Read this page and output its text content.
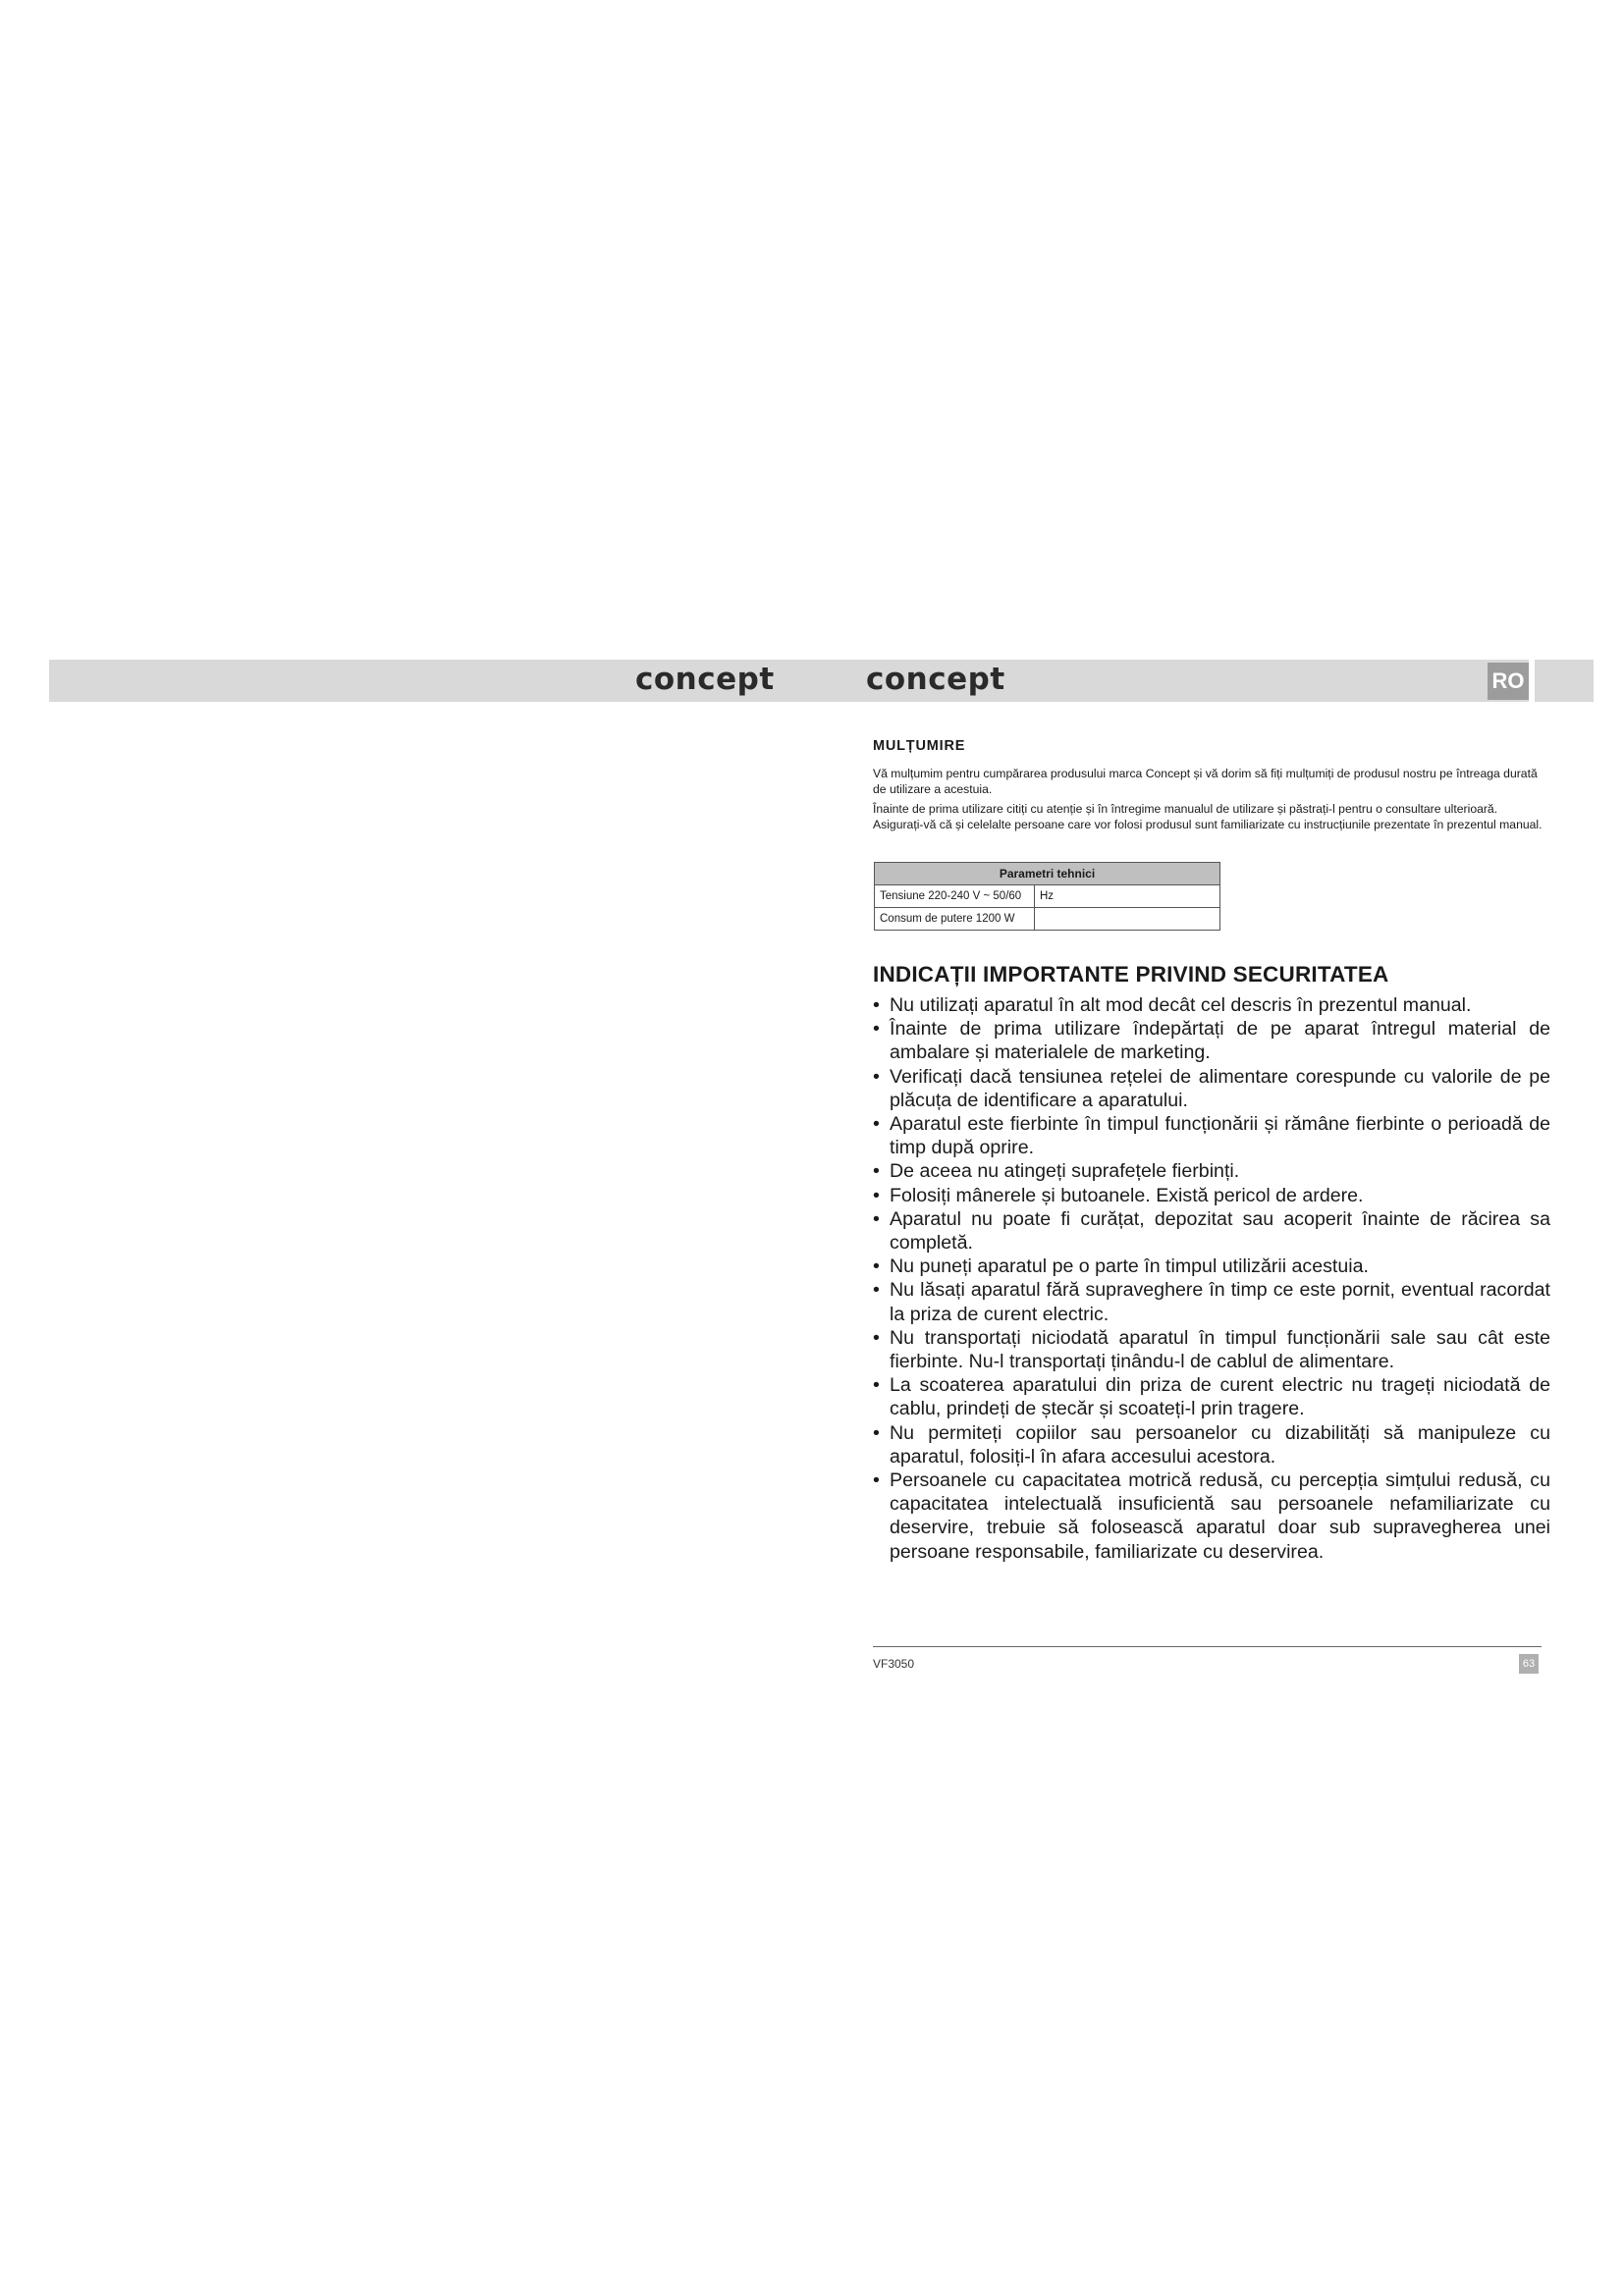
concept	concept	RO
MULȚUMIRE

Vă mulțumim pentru cumpărarea produsului marca Concept și vă dorim să fiți mulțumiți de produsul nostru pe întreaga durată de utilizare a acestuia.

Înainte de prima utilizare citiți cu atenție și în întregime manualul de utilizare și păstrați-l pentru o consultare ulterioară. Asigurați-vă că și celelalte persoane care vor folosi produsul sunt familiarizate cu instrucțiunile prezentate în prezentul manual.

Parametri tehnici	
Tensiune 220-240 V ~ 50/60	Hz
Consum de putere 1200 W	
INDICAȚII IMPORTANTE PRIVIND SECURITATEA
• Nu utilizați aparatul în alt mod decât cel descris în prezentul manual.
• Înainte de prima utilizare îndepărtați de pe aparat întregul material de ambalare și materialele de marketing.
• Verificați dacă tensiunea rețelei de alimentare corespunde cu valorile de pe plăcuța de identificare a aparatului.
• Aparatul este fierbinte în timpul funcționării și rămâne fierbinte o perioadă de timp după oprire.
• De aceea nu atingeți suprafețele fierbinți.
• Folosiți mânerele și butoanele. Există pericol de ardere.
• Aparatul nu poate fi curățat, depozitat sau acoperit înainte de răcirea sa completă.
• Nu puneți aparatul pe o parte în timpul utilizării acestuia.
• Nu lăsați aparatul fără supraveghere în timp ce este pornit, eventual racordat la priza de curent electric.
• Nu transportați niciodată aparatul în timpul funcționării sale sau cât este fierbinte. Nu-l transportați ținându-l de cablul de alimentare.
• La scoaterea aparatului din priza de curent electric nu trageți niciodată de cablu, prindeți de ștecăr și scoateți-l prin tragere.
• Nu permiteți copiilor sau persoanelor cu dizabilități să manipuleze cu aparatul, folosiți-l în afara accesului acestora.
• Persoanele cu capacitatea motrică redusă, cu percepția simțului redusă, cu capacitatea intelectuală insuficientă sau persoanele nefamiliarizate cu deservire, trebuie să folosească aparatul doar sub supravegherea unei persoane responsabile, familiarizate cu deservirea.
VF3050	63
